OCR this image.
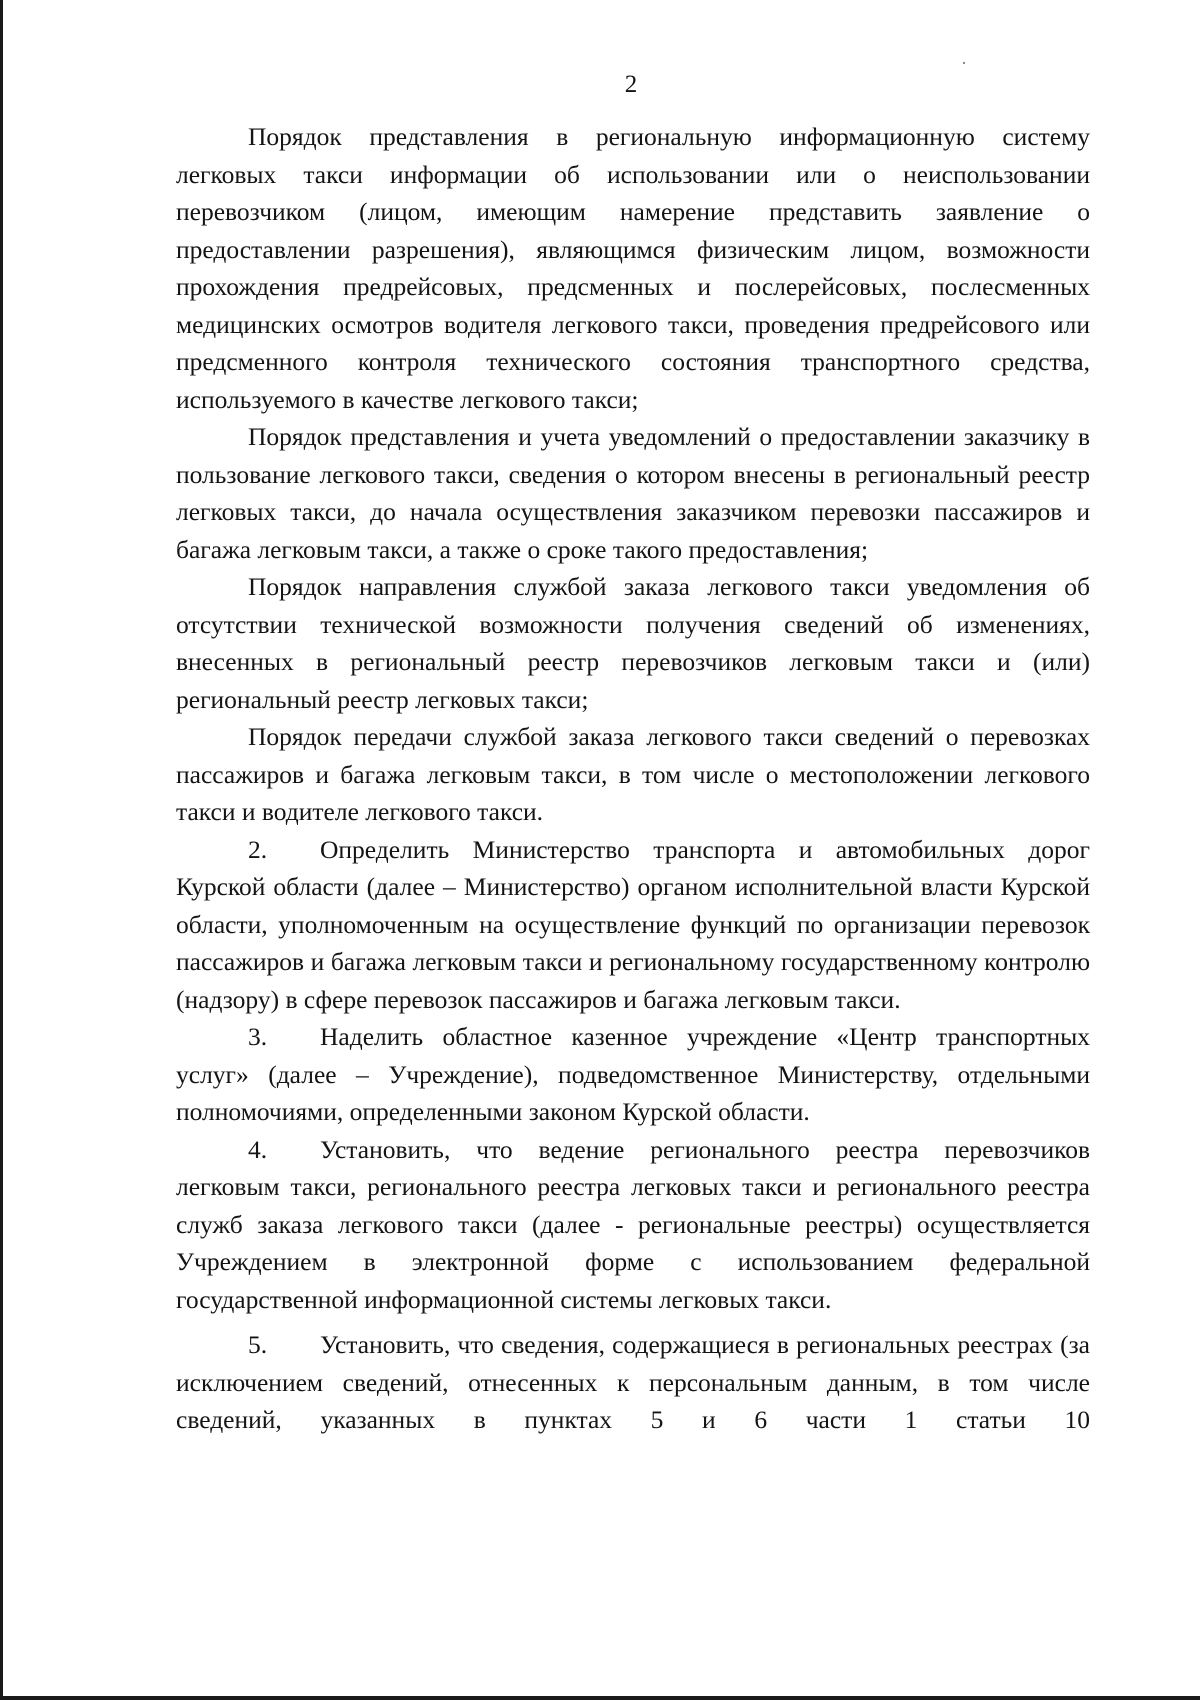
2

Порядок представления в региональную информационную систему легковых такси информации об использовании или о неиспользовании перевозчиком (лицом, имеющим намерение представить заявление о предоставлении разрешения), являющимся физическим лицом, возможности прохождения предрейсовых, предсменных и послерейсовых, послесменных медицинских осмотров водителя легкового такси, проведения предрейсового или предсменного контроля технического состояния транспортного средства, используемого в качестве легкового такси;

Порядок представления и учета уведомлений о предоставлении заказчику в пользование легкового такси, сведения о котором внесены в региональный реестр легковых такси, до начала осуществления заказчиком перевозки пассажиров и багажа легковым такси, а также о сроке такого предоставления;

Порядок направления службой заказа легкового такси уведомления об отсутствии технической возможности получения сведений об изменениях, внесенных в региональный реестр перевозчиков легковым такси и (или) региональный реестр легковых такси;

Порядок передачи службой заказа легкового такси сведений о перевозках пассажиров и багажа легковым такси, в том числе о местоположении легкового такси и водителе легкового такси.

2. Определить Министерство транспорта и автомобильных дорог Курской области (далее – Министерство) органом исполнительной власти Курской области, уполномоченным на осуществление функций по организации перевозок пассажиров и багажа легковым такси и региональному государственному контролю (надзору) в сфере перевозок пассажиров и багажа легковым такси.

3. Наделить областное казенное учреждение «Центр транспортных услуг» (далее – Учреждение), подведомственное Министерству, отдельными полномочиями, определенными законом Курской области.

4. Установить, что ведение регионального реестра перевозчиков легковым такси, регионального реестра легковых такси и регионального реестра служб заказа легкового такси (далее - региональные реестры) осуществляется Учреждением в электронной форме с использованием федеральной государственной информационной системы легковых такси.

5. Установить, что сведения, содержащиеся в региональных реестрах (за исключением сведений, отнесенных к персональным данным, в том числе сведений, указанных в пунктах 5 и 6 части 1 статьи 10
